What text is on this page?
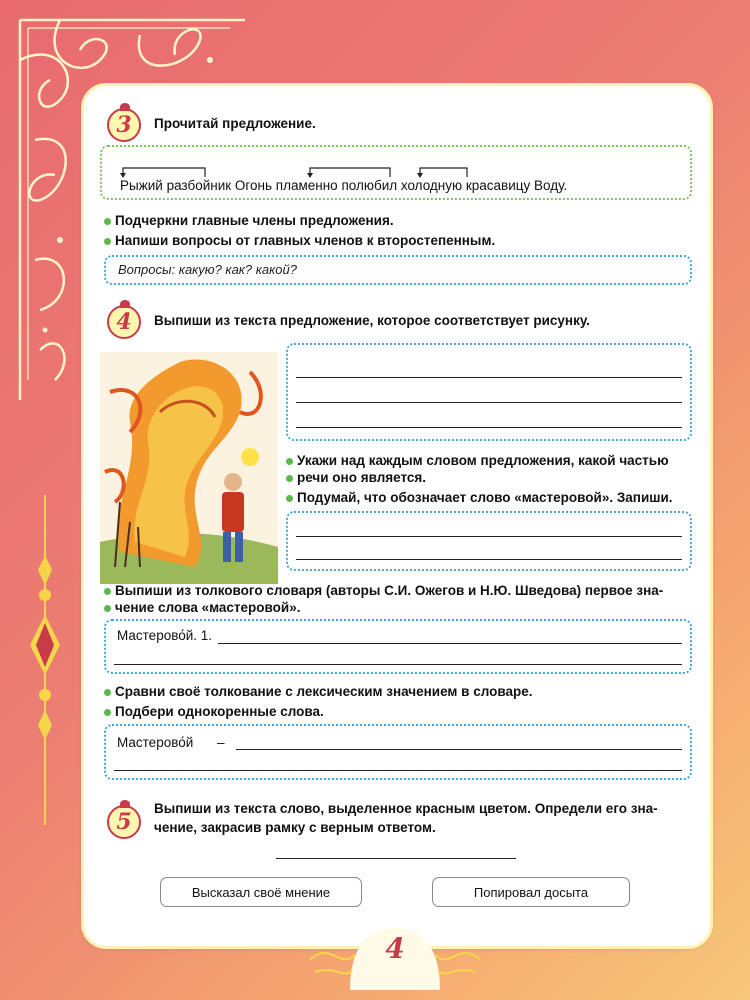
3	Прочитай предложение.
Рыжий разбойник Огонь пламенно полюбил холодную красавицу Воду.
Подчеркни главные члены предложения.
Напиши вопросы от главных членов к второстепенным.
Вопросы: какую? как? какой?
4	Выпиши из текста предложение, которое соответствует рисунку.
Укажи над каждым словом предложения, какой частью
речи оно является.
Подумай, что обозначает слово «мастеровой». Запиши.
Выпиши из толкового словаря (авторы С.И. Ожегов и Н.Ю. Шведова) первое зна-
чение слова «мастеровой».
Мастерово́й. 1.
Сравни своё толкование с лексическим значением в словаре.
Подбери однокоренные слова.
Мастерово́й –
5
Выпиши из текста слово, выделенное красным цветом. Определи его зна-
чение, закрасив рамку с верным ответом.
Высказал своё мнение	Попировал досыта
4
